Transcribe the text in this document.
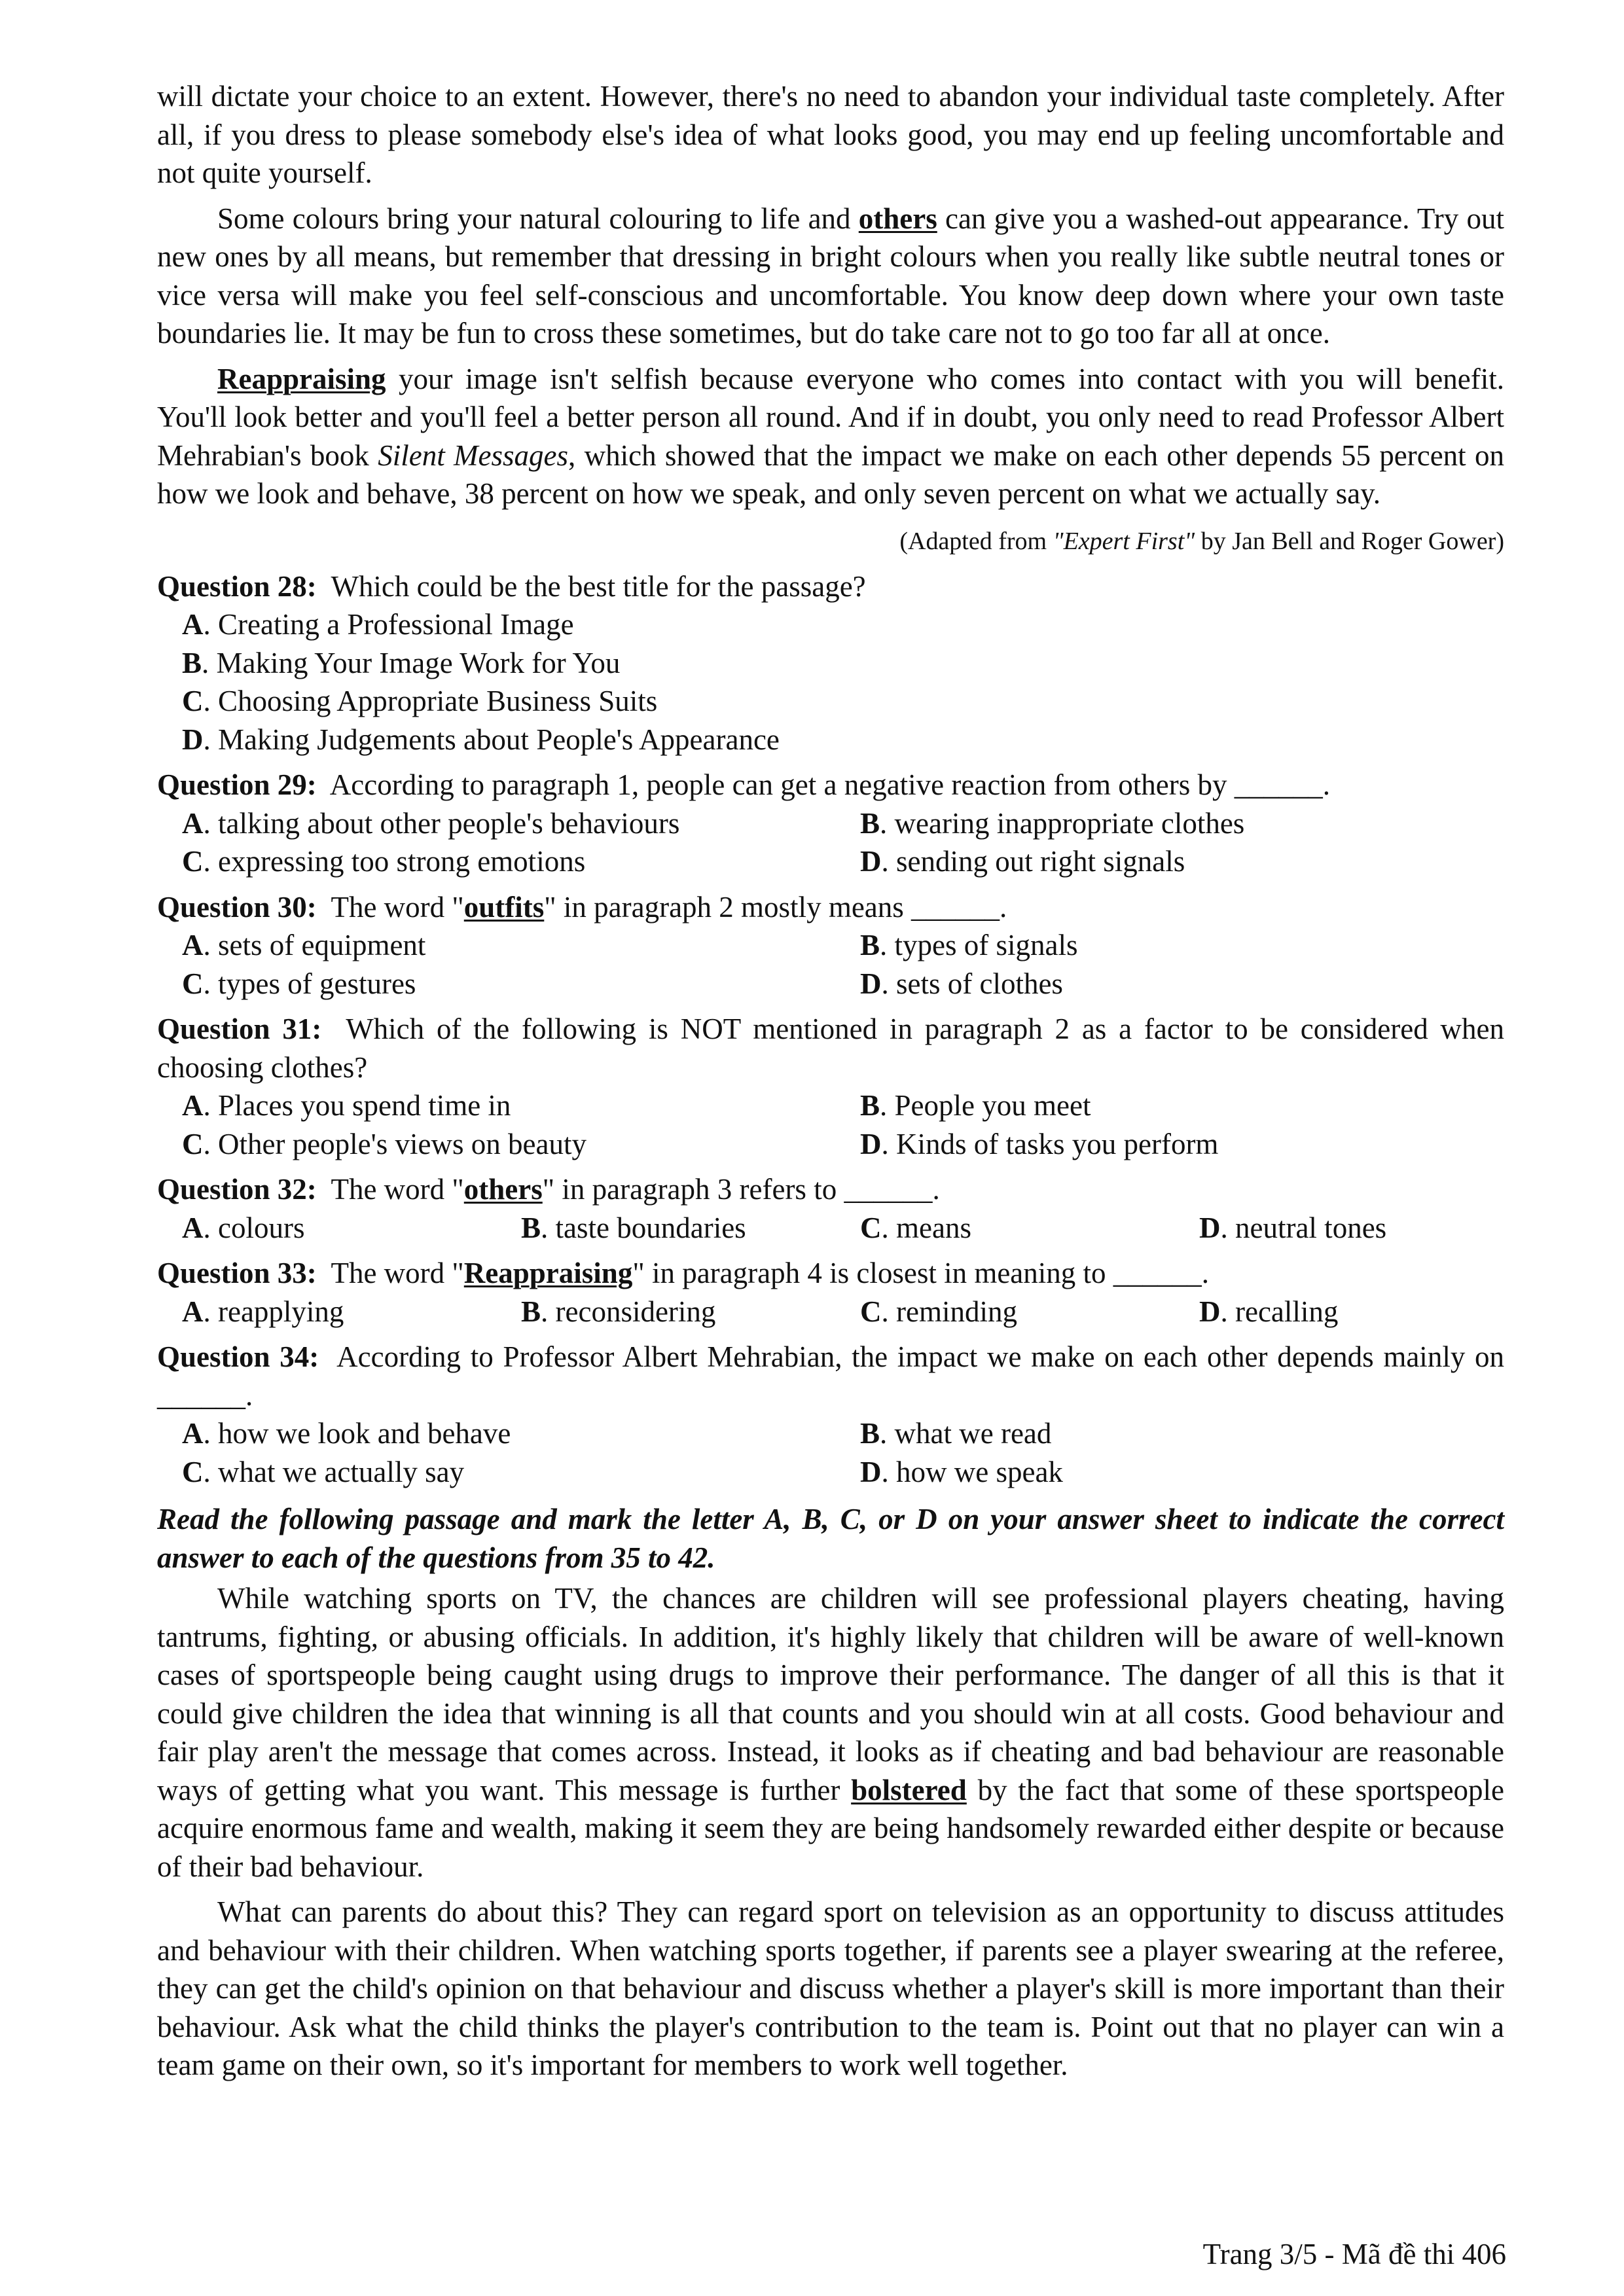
will dictate your choice to an extent. However, there's no need to abandon your individual taste completely. After all, if you dress to please somebody else's idea of what looks good, you may end up feeling uncomfortable and not quite yourself.

Some colours bring your natural colouring to life and others can give you a washed-out appearance. Try out new ones by all means, but remember that dressing in bright colours when you really like subtle neutral tones or vice versa will make you feel self-conscious and uncomfortable. You know deep down where your own taste boundaries lie. It may be fun to cross these sometimes, but do take care not to go too far all at once.

Reappraising your image isn't selfish because everyone who comes into contact with you will benefit. You'll look better and you'll feel a better person all round. And if in doubt, you only need to read Professor Albert Mehrabian's book Silent Messages, which showed that the impact we make on each other depends 55 percent on how we look and behave, 38 percent on how we speak, and only seven percent on what we actually say.

(Adapted from "Expert First" by Jan Bell and Roger Gower)

Question 28: Which could be the best title for the passage?

A. Creating a Professional Image
B. Making Your Image Work for You
C. Choosing Appropriate Business Suits
D. Making Judgements about People's Appearance

Question 29: According to paragraph 1, people can get a negative reaction from others by ______.

A. talking about other people's behaviours	B. wearing inappropriate clothes
C. expressing too strong emotions	D. sending out right signals

Question 30: The word "outfits" in paragraph 2 mostly means ______.

A. sets of equipment	B. types of signals
C. types of gestures	D. sets of clothes

Question 31: Which of the following is NOT mentioned in paragraph 2 as a factor to be considered when choosing clothes?

A. Places you spend time in	B. People you meet
C. Other people's views on beauty	D. Kinds of tasks you perform

Question 32: The word "others" in paragraph 3 refers to ______.

A. colours	B. taste boundaries	C. means	D. neutral tones

Question 33: The word "Reappraising" in paragraph 4 is closest in meaning to ______.

A. reapplying	B. reconsidering	C. reminding	D. recalling

Question 34: According to Professor Albert Mehrabian, the impact we make on each other depends mainly on ______.

A. how we look and behave	B. what we read
C. what we actually say	D. how we speak

Read the following passage and mark the letter A, B, C, or D on your answer sheet to indicate the correct answer to each of the questions from 35 to 42.

While watching sports on TV, the chances are children will see professional players cheating, having tantrums, fighting, or abusing officials. In addition, it's highly likely that children will be aware of well-known cases of sportspeople being caught using drugs to improve their performance. The danger of all this is that it could give children the idea that winning is all that counts and you should win at all costs. Good behaviour and fair play aren't the message that comes across. Instead, it looks as if cheating and bad behaviour are reasonable ways of getting what you want. This message is further bolstered by the fact that some of these sportspeople acquire enormous fame and wealth, making it seem they are being handsomely rewarded either despite or because of their bad behaviour.

What can parents do about this? They can regard sport on television as an opportunity to discuss attitudes and behaviour with their children. When watching sports together, if parents see a player swearing at the referee, they can get the child's opinion on that behaviour and discuss whether a player's skill is more important than their behaviour. Ask what the child thinks the player's contribution to the team is. Point out that no player can win a team game on their own, so it's important for members to work well together.

Trang 3/5 - Mã đề thi 406
